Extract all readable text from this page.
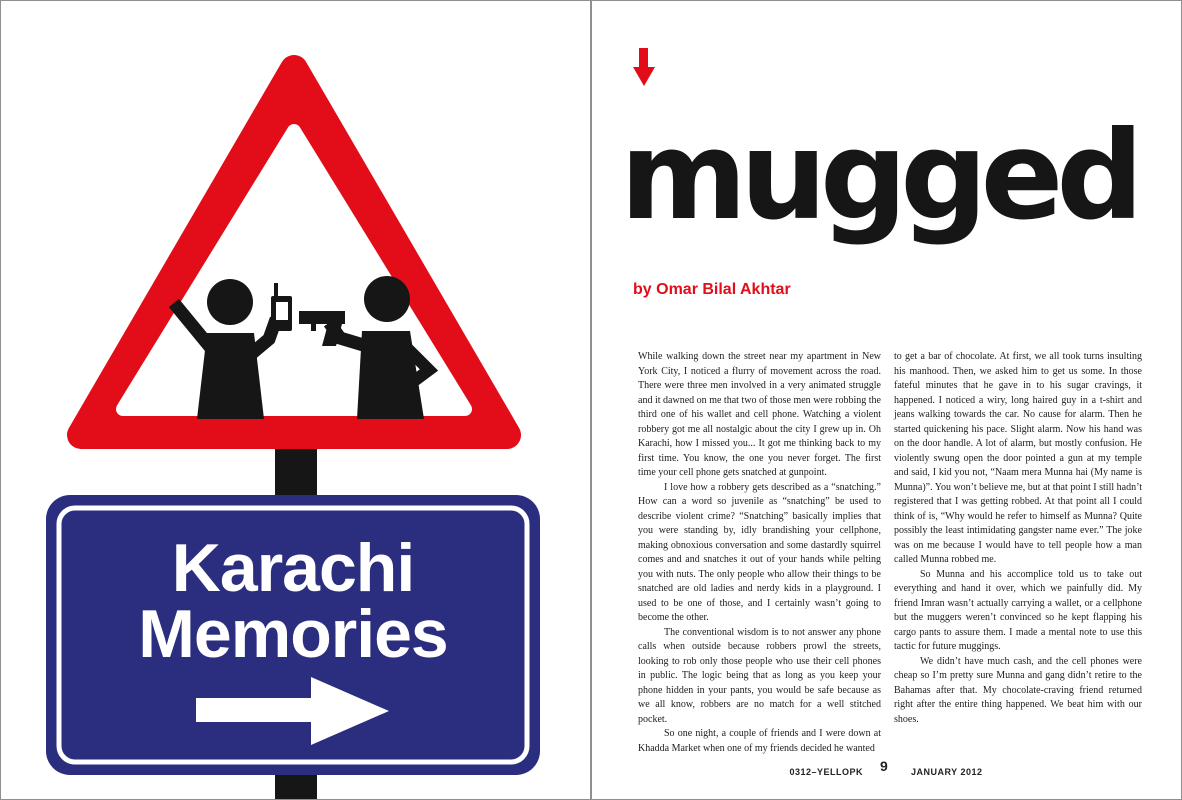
Karachi
Memories
mugged
by Omar Bilal Akhtar

While walking down the street near my apartment in New York City, I noticed a flurry of movement across the road. There were three men involved in a very animated struggle and it dawned on me that two of those men were robbing the third one of his wallet and cell phone. Watching a violent robbery got me all nostalgic about the city I grew up in. Oh Karachi, how I missed you... It got me thinking back to my first time. You know, the one you never forget. The first time your cell phone gets snatched at gunpoint.

I love how a robbery gets described as a “snatching.” How can a word so juvenile as “snatching” be used to describe violent crime? “Snatching” basically implies that you were standing by, idly brandishing your cellphone, making obnoxious conversation and some dastardly squirrel comes and and snatches it out of your hands while pelting you with nuts. The only people who allow their things to be snatched are old ladies and nerdy kids in a playground. I used to be one of those, and I certainly wasn’t going to become the other.

The conventional wisdom is to not answer any phone calls when outside because robbers prowl the streets, looking to rob only those people who use their cell phones in public. The logic being that as long as you keep your phone hidden in your pants, you would be safe because as we all know, robbers are no match for a well stitched pocket.

So one night, a couple of friends and I were down at Khadda Market when one of my friends decided he wanted

to get a bar of chocolate. At first, we all took turns insulting his manhood. Then, we asked him to get us some. In those fateful minutes that he gave in to his sugar cravings, it happened. I noticed a wiry, long haired guy in a t-shirt and jeans walking towards the car. No cause for alarm. Then he started quickening his pace. Slight alarm. Now his hand was on the door handle. A lot of alarm, but mostly confusion. He violently swung open the door pointed a gun at my temple and said, I kid you not, “Naam mera Munna hai (My name is Munna)”. You won’t believe me, but at that point I still hadn’t registered that I was getting robbed. At that point all I could think of is, “Why would he refer to himself as Munna? Quite possibly the least intimidating gangster name ever.” The joke was on me because I would have to tell people how a man called Munna robbed me.

So Munna and his accomplice told us to take out everything and hand it over, which we painfully did. My friend Imran wasn’t actually carrying a wallet, or a cellphone but the muggers weren’t convinced so he kept flapping his cargo pants to assure them. I made a mental note to use this tactic for future muggings.

We didn’t have much cash, and the cell phones were cheap so I’m pretty sure Munna and gang didn’t retire to the Bahamas after that. My chocolate-craving friend returned right after the entire thing happened. We beat him with our shoes.

0312–YELLOPK 9	JANUARY 2012
